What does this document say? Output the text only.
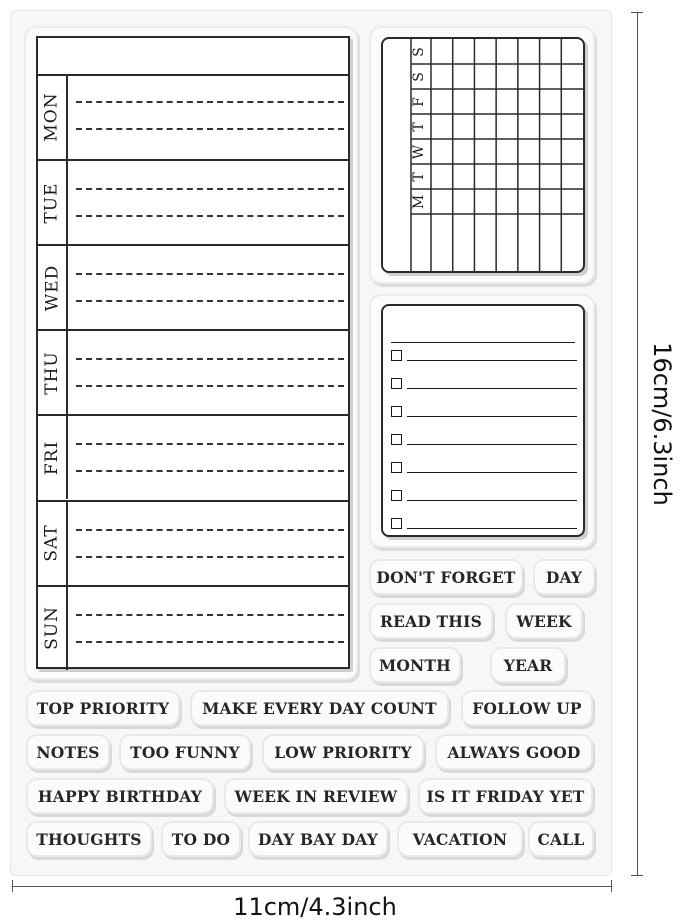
MON
TUE
WED
THU
FRI
SAT
SUN
M
T
W
T
F
S
S
DON'T FORGET	DAY
READ THIS	WEEK
MONTH	YEAR
TOP PRIORITY	MAKE EVERY DAY COUNT	FOLLOW UP
NOTES	TOO FUNNY	LOW PRIORITY	ALWAYS GOOD
HAPPY BIRTHDAY	WEEK IN REVIEW	IS IT FRIDAY YET
THOUGHTS	TO DO	DAY BAY DAY	VACATION	CALL
11cm/4.3inch
16cm/6.3inch
